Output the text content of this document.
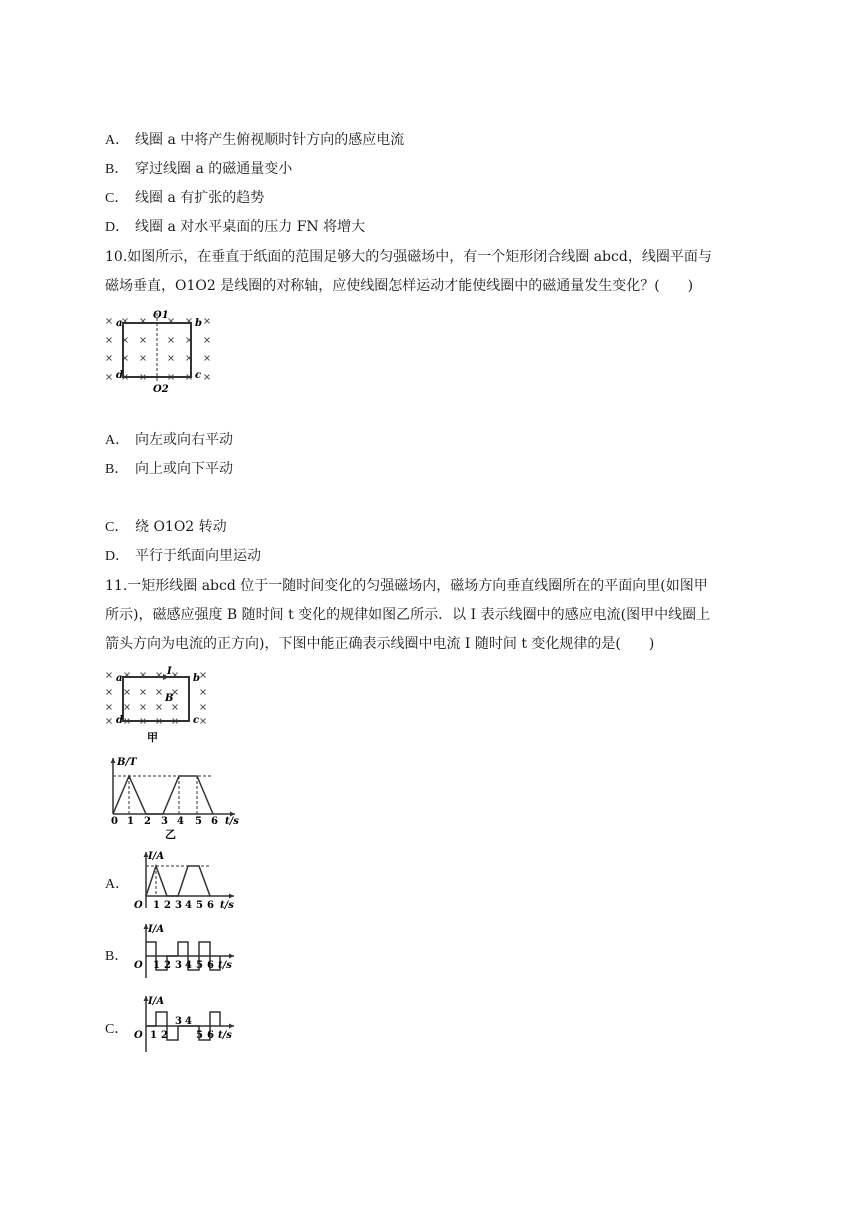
A． 线圈 a 中将产生俯视顺时针方向的感应电流
B． 穿过线圈 a 的磁通量变小
C． 线圈 a 有扩张的趋势
D． 线圈 a 对水平桌面的压力 FN 将增大
10.如图所示，在垂直于纸面的范围足够大的匀强磁场中，有一个矩形闭合线圈 abcd，线圈平面与
磁场垂直，O1O2 是线圈的对称轴，应使线圈怎样运动才能使线圈中的磁通量发生变化？(　　)
a	b
c
d
O1
O2
A． 向左或向右平动
B． 向上或向下平动
C． 绕 O1O2 转动
D． 平行于纸面向里运动
11.一矩形线圈 abcd 位于一随时间变化的匀强磁场内，磁场方向垂直线圈所在的平面向里(如图甲
所示)，磁感应强度 B 随时间 t 变化的规律如图乙所示．以 I 表示线圈中的感应电流(图甲中线圈上
箭头方向为电流的正方向)，下图中能正确表示线圈中电流 I 随时间 t 变化规律的是(　　)
a	b
c
d
I
B
甲
B/T
0 1 2 3 4 5 6 t/s
乙
A．
I/A
O 1 2 3 4 5 6 t/s
B．
I/A
O 1 2 3 4 5 6 t/s
C．
I/A
O 1 2
3 4
5 6 t/s
